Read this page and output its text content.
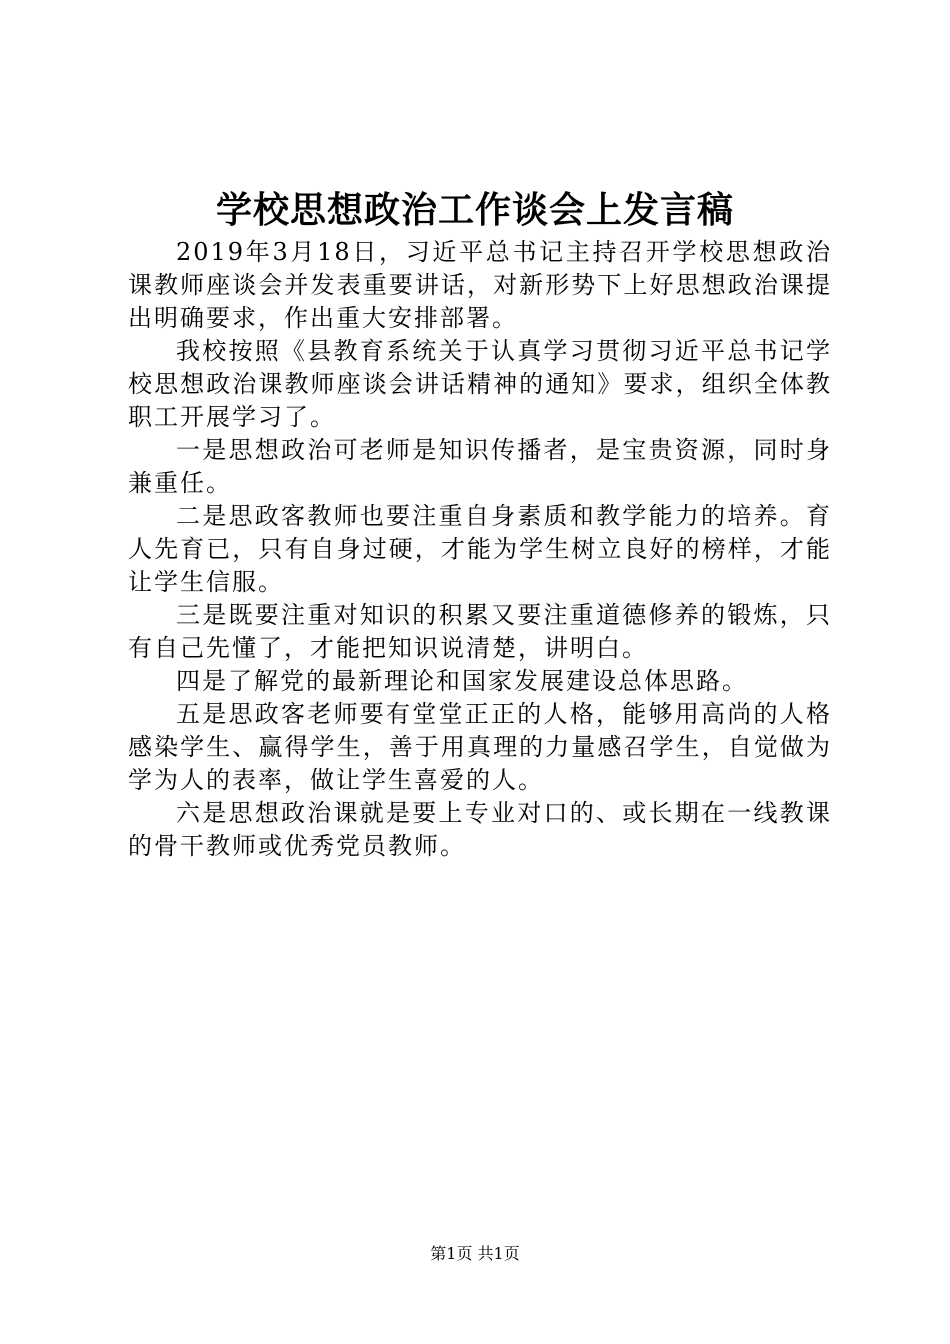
学校思想政治工作谈会上发言稿

2019年3月18日，习近平总书记主持召开学校思想政治课教师座谈会并发表重要讲话，对新形势下上好思想政治课提出明确要求，作出重大安排部署。

我校按照《县教育系统关于认真学习贯彻习近平总书记学校思想政治课教师座谈会讲话精神的通知》要求，组织全体教职工开展学习了。

一是思想政治可老师是知识传播者，是宝贵资源，同时身兼重任。

二是思政客教师也要注重自身素质和教学能力的培养。育人先育已，只有自身过硬，才能为学生树立良好的榜样，才能让学生信服。

三是既要注重对知识的积累又要注重道德修养的锻炼，只有自己先懂了，才能把知识说清楚，讲明白。

四是了解党的最新理论和国家发展建设总体思路。

五是思政客老师要有堂堂正正的人格，能够用高尚的人格感染学生、赢得学生，善于用真理的力量感召学生，自觉做为学为人的表率，做让学生喜爱的人。

六是思想政治课就是要上专业对口的、或长期在一线教课的骨干教师或优秀党员教师。

第1页 共1页
